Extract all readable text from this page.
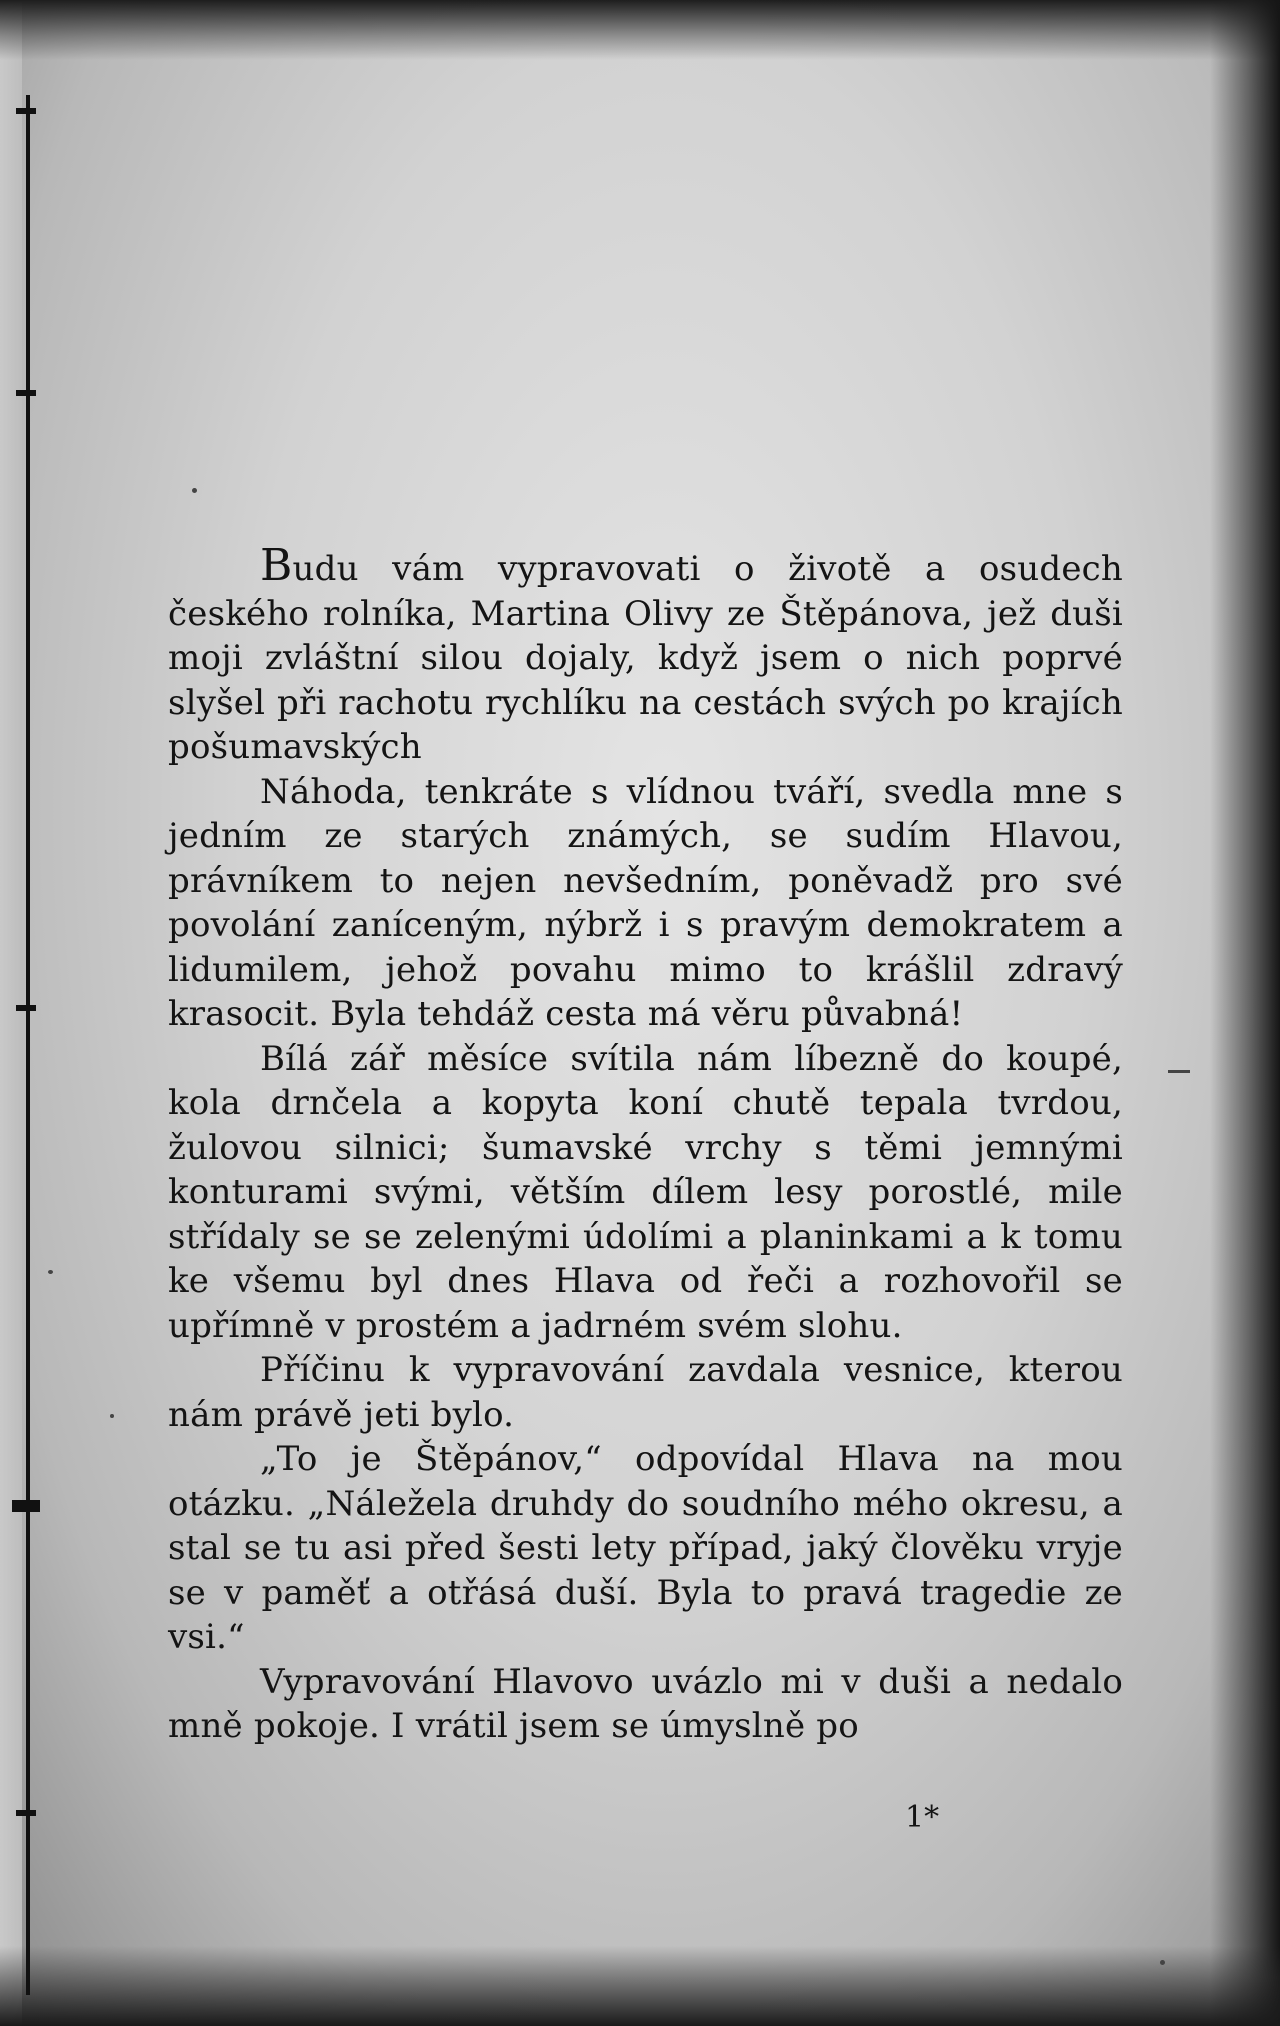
Budu vám vypravovati o životě a osudech českého rolníka, Martina Olivy ze Štěpánova, jež duši moji zvláštní silou dojaly, když jsem o nich poprvé slyšel při rachotu rychlíku na cestách svých po krajích pošumavských

Náhoda, tenkráte s vlídnou tváří, svedla mne s jedním ze starých známých, se sudím Hlavou, právníkem to nejen nevšedním, poněvadž pro své povolání zaníceným, nýbrž i s pravým demokratem a lidumilem, jehož povahu mimo to krášlil zdravý krasocit. Byla tehdáž cesta má věru půvabná!

Bílá zář měsíce svítila nám líbezně do koupé, kola drnčela a kopyta koní chutě tepala tvrdou, žulovou silnici; šumavské vrchy s těmi jemnými konturami svými, větším dílem lesy porostlé, mile střídaly se se zelenými údolími a planinkami a k tomu ke všemu byl dnes Hlava od řeči a rozhovořil se upřímně v prostém a jadrném svém slohu.

Příčinu k vypravování zavdala vesnice, kterou nám právě jeti bylo.

„To je Štěpánov,“ odpovídal Hlava na mou otázku. „Náležela druhdy do soudního mého okresu, a stal se tu asi před šesti lety případ, jaký člověku vryje se v paměť a otřásá duší. Byla to pravá tragedie ze vsi.“

Vypravování Hlavovo uvázlo mi v duši a nedalo mně pokoje. I vrátil jsem se úmyslně po

1*
